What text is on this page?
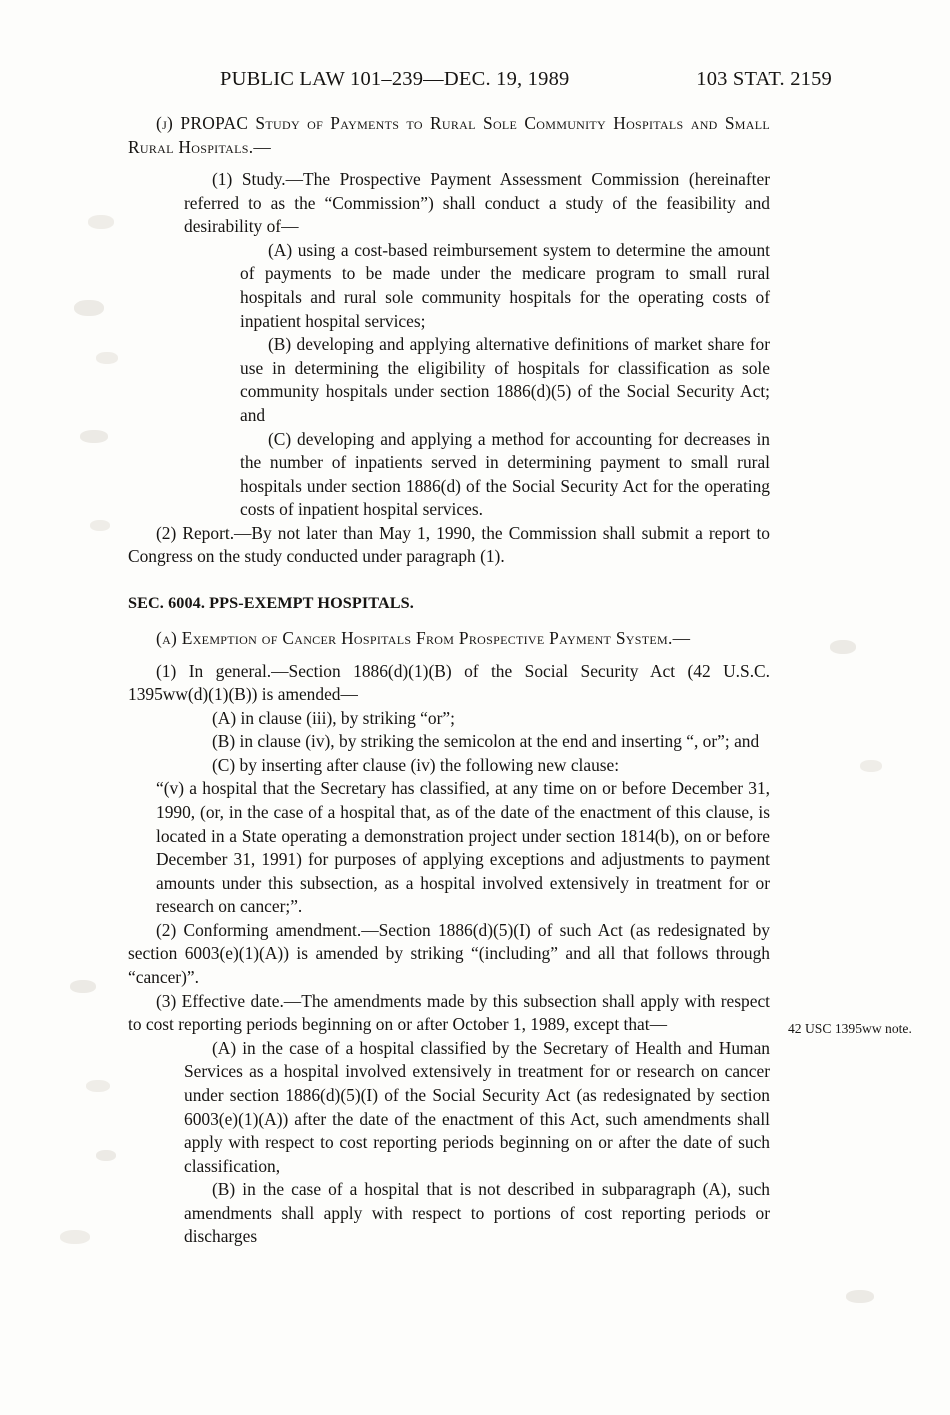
PUBLIC LAW 101–239—DEC. 19, 1989	103 STAT. 2159

(j) PROPAC Study of Payments to Rural Sole Community Hospitals and Small Rural Hospitals.—

(1) Study.—The Prospective Payment Assessment Commission (hereinafter referred to as the “Commission”) shall conduct a study of the feasibility and desirability of—

(A) using a cost-based reimbursement system to determine the amount of payments to be made under the medicare program to small rural hospitals and rural sole community hospitals for the operating costs of inpatient hospital services;

(B) developing and applying alternative definitions of market share for use in determining the eligibility of hospitals for classification as sole community hospitals under section 1886(d)(5) of the Social Security Act; and

(C) developing and applying a method for accounting for decreases in the number of inpatients served in determining payment to small rural hospitals under section 1886(d) of the Social Security Act for the operating costs of inpatient hospital services.

(2) Report.—By not later than May 1, 1990, the Commission shall submit a report to Congress on the study conducted under paragraph (1).

SEC. 6004. PPS-EXEMPT HOSPITALS.

(a) Exemption of Cancer Hospitals From Prospective Payment System.—

(1) In general.—Section 1886(d)(1)(B) of the Social Security Act (42 U.S.C. 1395ww(d)(1)(B)) is amended—

(A) in clause (iii), by striking “or”;

(B) in clause (iv), by striking the semicolon at the end and inserting “, or”; and

(C) by inserting after clause (iv) the following new clause:

“(v) a hospital that the Secretary has classified, at any time on or before December 31, 1990, (or, in the case of a hospital that, as of the date of the enactment of this clause, is located in a State operating a demonstration project under section 1814(b), on or before December 31, 1991) for purposes of applying exceptions and adjustments to payment amounts under this subsection, as a hospital involved extensively in treatment for or research on cancer;”.

(2) Conforming amendment.—Section 1886(d)(5)(I) of such Act (as redesignated by section 6003(e)(1)(A)) is amended by striking “(including” and all that follows through “cancer)”.

(3) Effective date.—The amendments made by this subsection shall apply with respect to cost reporting periods beginning on or after October 1, 1989, except that—

(A) in the case of a hospital classified by the Secretary of Health and Human Services as a hospital involved extensively in treatment for or research on cancer under section 1886(d)(5)(I) of the Social Security Act (as redesignated by section 6003(e)(1)(A)) after the date of the enactment of this Act, such amendments shall apply with respect to cost reporting periods beginning on or after the date of such classification,

(B) in the case of a hospital that is not described in subparagraph (A), such amendments shall apply with respect to portions of cost reporting periods or discharges

42 USC 1395ww note.
